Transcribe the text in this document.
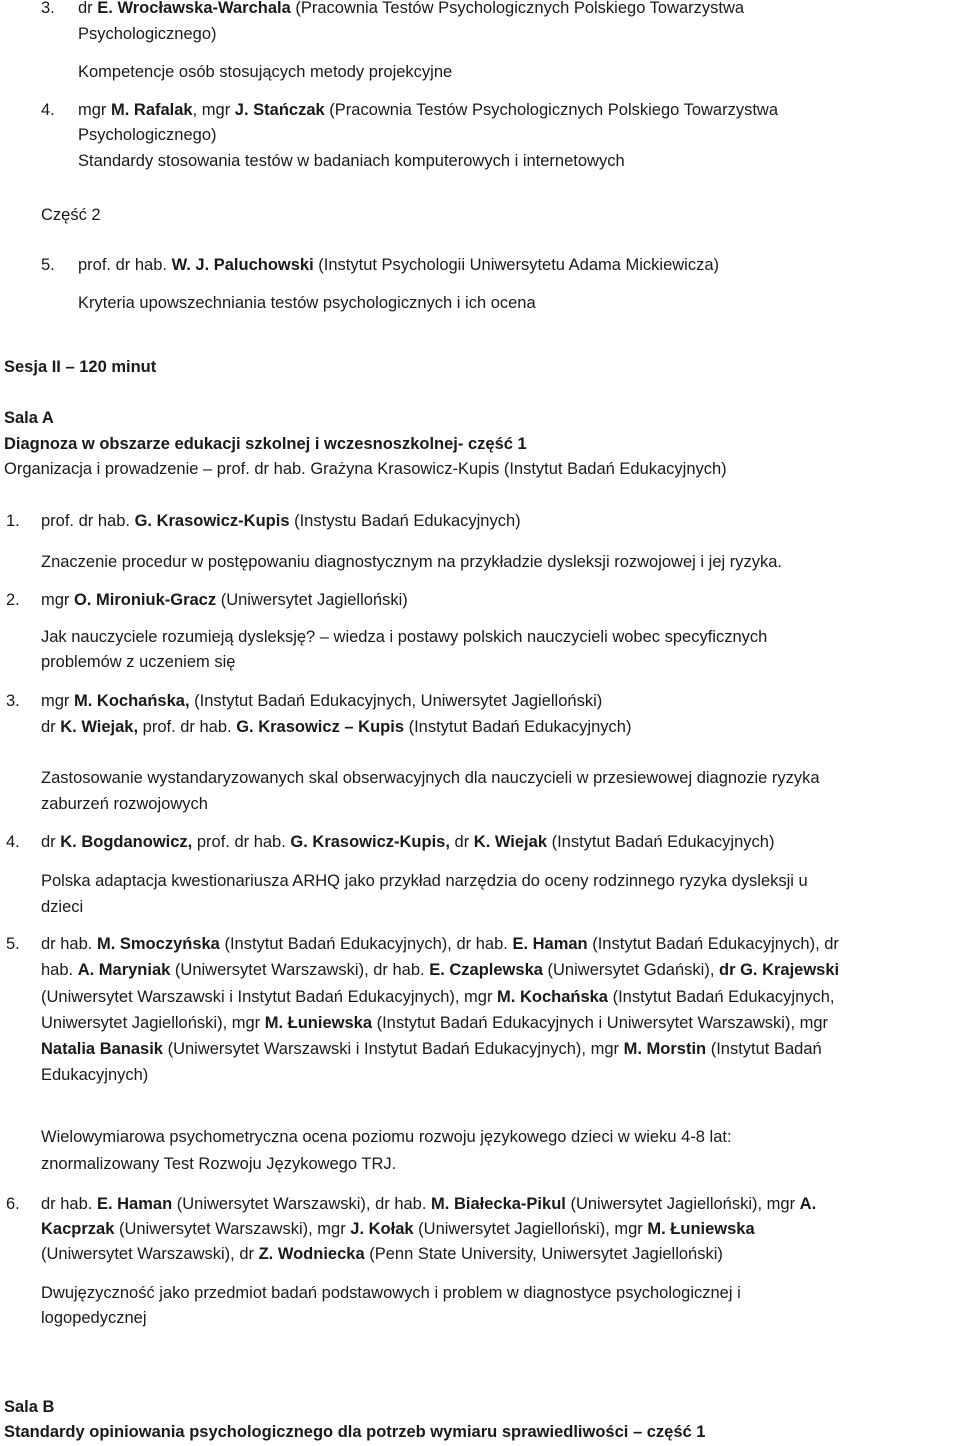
3. dr E. Wrocławska-Warchala (Pracownia Testów Psychologicznych Polskiego Towarzystwa
Psychologicznego)
Kompetencje osób stosujących metody projekcyjne
4. mgr M. Rafalak, mgr J. Stańczak (Pracownia Testów Psychologicznych Polskiego Towarzystwa
Psychologicznego)
Standardy stosowania testów w badaniach komputerowych i internetowych
Część 2
5. prof. dr hab. W. J. Paluchowski (Instytut Psychologii Uniwersytetu Adama Mickiewicza)
Kryteria upowszechniania testów psychologicznych i ich ocena
Sesja II – 120 minut
Sala A
Diagnoza w obszarze edukacji szkolnej i wczesnoszkolnej- część 1
Organizacja i prowadzenie – prof. dr hab. Grażyna Krasowicz-Kupis (Instytut Badań Edukacyjnych)
1. prof. dr hab. G. Krasowicz-Kupis (Instystu Badań Edukacyjnych)
Znaczenie procedur w postępowaniu diagnostycznym na przykładzie dysleksji rozwojowej i jej ryzyka.
2. mgr O. Mironiuk-Gracz (Uniwersytet Jagielloński)
Jak nauczyciele rozumieją dysleksję? – wiedza i postawy polskich nauczycieli wobec specyficznych
problemów z uczeniem się
3. mgr M. Kochańska, (Instytut Badań Edukacyjnych, Uniwersytet Jagielloński)
dr K. Wiejak, prof. dr hab. G. Krasowicz – Kupis (Instytut Badań Edukacyjnych)
Zastosowanie wystandaryzowanych skal obserwacyjnych dla nauczycieli w przesiewowej diagnozie ryzyka
zaburzeń rozwojowych
4. dr K. Bogdanowicz, prof. dr hab. G. Krasowicz-Kupis, dr K. Wiejak (Instytut Badań Edukacyjnych)
Polska adaptacja kwestionariusza ARHQ jako przykład narzędzia do oceny rodzinnego ryzyka dysleksji u
dzieci
5. dr hab. M. Smoczyńska (Instytut Badań Edukacyjnych), dr hab. E. Haman (Instytut Badań Edukacyjnych), dr
hab. A. Maryniak (Uniwersytet Warszawski), dr hab. E. Czaplewska (Uniwersytet Gdański), dr G. Krajewski
(Uniwersytet Warszawski i Instytut Badań Edukacyjnych), mgr M. Kochańska (Instytut Badań Edukacyjnych,
Uniwersytet Jagielloński), mgr M. Łuniewska (Instytut Badań Edukacyjnych i Uniwersytet Warszawski), mgr
Natalia Banasik (Uniwersytet Warszawski i Instytut Badań Edukacyjnych), mgr M. Morstin (Instytut Badań
Edukacyjnych)
Wielowymiarowa psychometryczna ocena poziomu rozwoju językowego dzieci w wieku 4-8 lat:
znormalizowany Test Rozwoju Językowego TRJ.
6. dr hab. E. Haman (Uniwersytet Warszawski), dr hab. M. Białecka-Pikul (Uniwersytet Jagielloński), mgr A.
Kacprzak (Uniwersytet Warszawski), mgr J. Kołak (Uniwersytet Jagielloński), mgr M. Łuniewska
(Uniwersytet Warszawski), dr Z. Wodniecka (Penn State University, Uniwersytet Jagielloński)
Dwujęzyczność jako przedmiot badań podstawowych i problem w diagnostyce psychologicznej i
logopedycznej
Sala B
Standardy opiniowania psychologicznego dla potrzeb wymiaru sprawiedliwości – część 1
